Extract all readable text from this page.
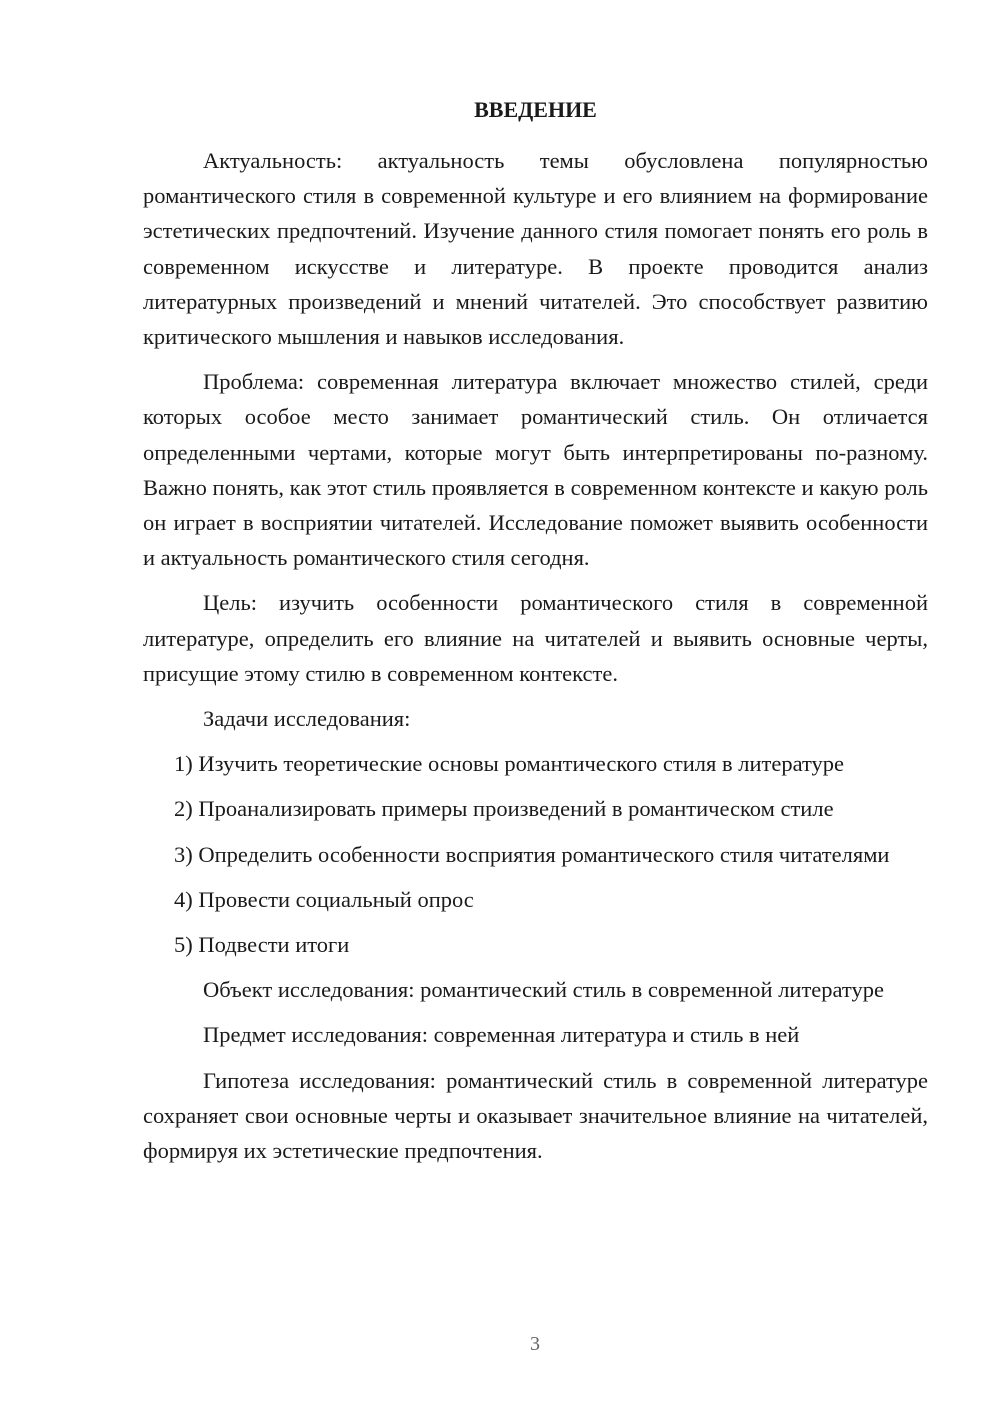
ВВЕДЕНИЕ

Актуальность: актуальность темы обусловлена популярностью романтического стиля в современной культуре и его влиянием на формирование эстетических предпочтений. Изучение данного стиля помогает понять его роль в современном искусстве и литературе. В проекте проводится анализ литературных произведений и мнений читателей. Это способствует развитию критического мышления и навыков исследования.

Проблема: современная литература включает множество стилей, среди которых особое место занимает романтический стиль. Он отличается определенными чертами, которые могут быть интерпретированы по-разному. Важно понять, как этот стиль проявляется в современном контексте и какую роль он играет в восприятии читателей. Исследование поможет выявить особенности и актуальность романтического стиля сегодня.

Цель: изучить особенности романтического стиля в современной литературе, определить его влияние на читателей и выявить основные черты, присущие этому стилю в современном контексте.

Задачи исследования:

1) Изучить теоретические основы романтического стиля в литературе

2) Проанализировать примеры произведений в романтическом стиле

3) Определить особенности восприятия романтического стиля читателями

4) Провести социальный опрос

5) Подвести итоги

Объект исследования: романтический стиль в современной литературе

Предмет исследования: современная литература и стиль в ней

Гипотеза исследования: романтический стиль в современной литературе сохраняет свои основные черты и оказывает значительное влияние на читателей, формируя их эстетические предпочтения.

3
